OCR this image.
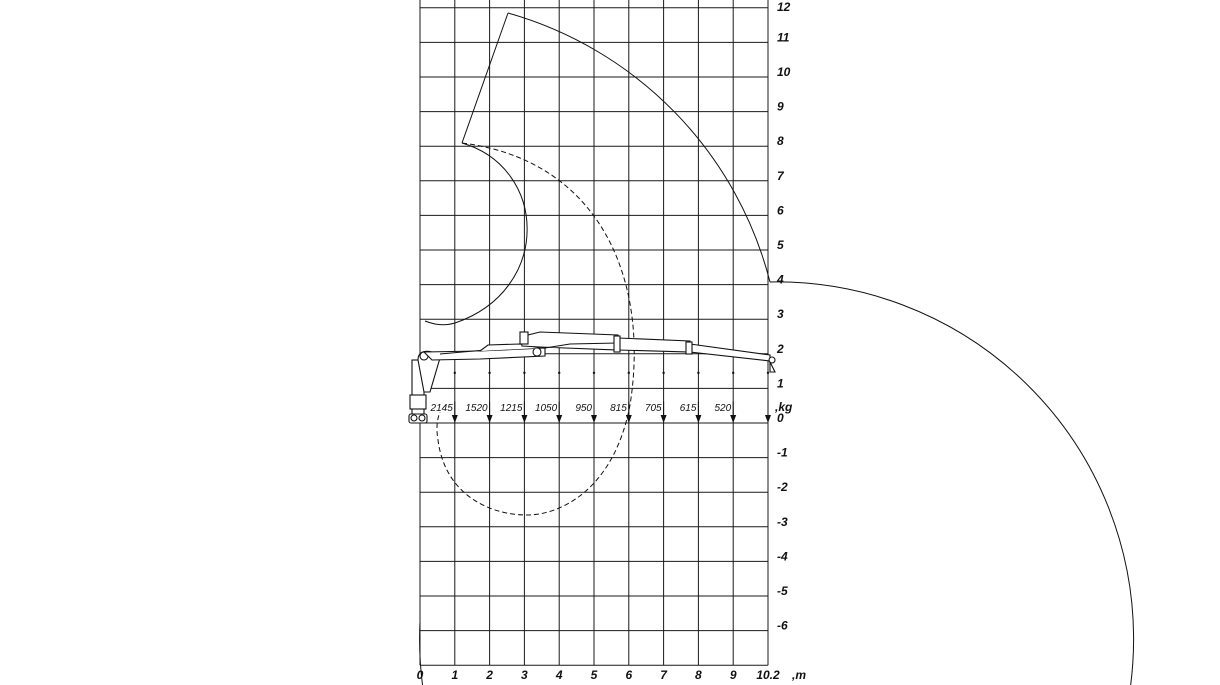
0 1 2 3 4 5 6 7 8 9 10.2 ,m
12
11
10
9
8
7
6
5
4
3
2
1
0
-1
-2
-3
-4
-5
-6
,kg
2145 1520 1215 1050 950 815 705 615 520
